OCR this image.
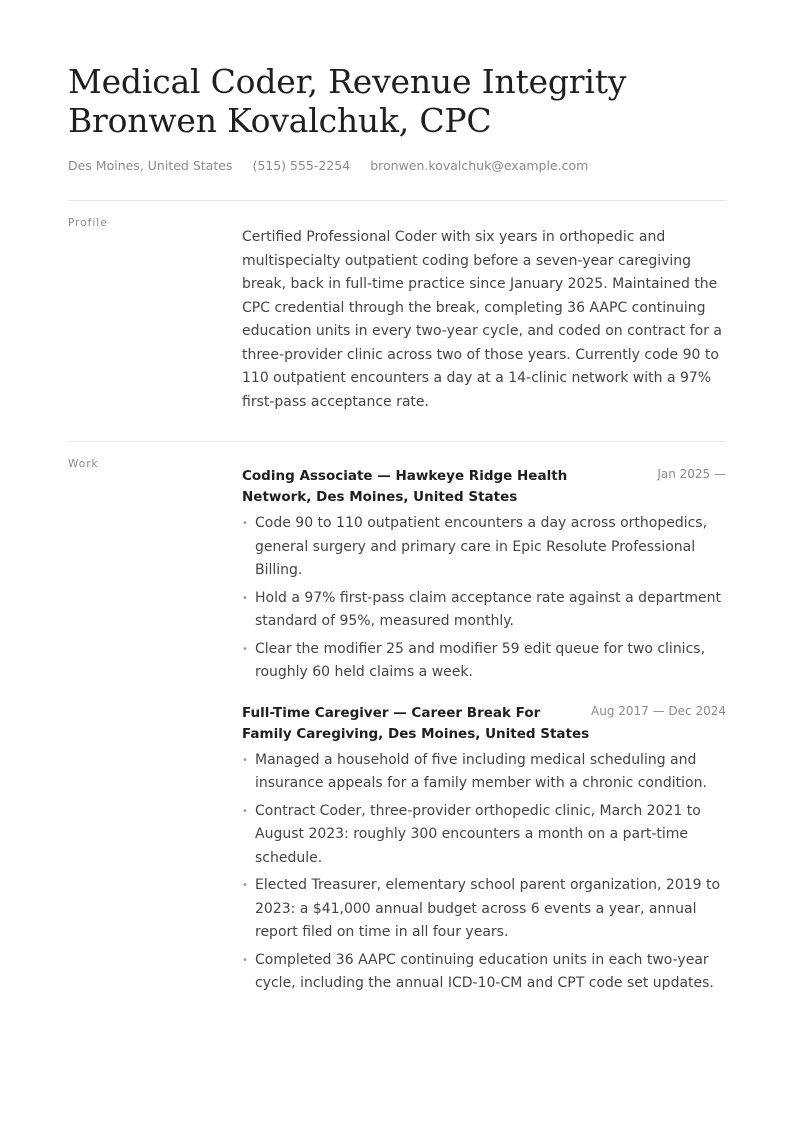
Medical Coder, Revenue Integrity
Bronwen Kovalchuk, CPC
Des Moines, United States (515) 555-2254 bronwen.kovalchuk@example.com
Profile

Certified Professional Coder with six years in orthopedic and multispecialty outpatient coding before a seven-year caregiving break, back in full-time practice since January 2025. Maintained the CPC credential through the break, completing 36 AAPC continuing education units in every two-year cycle, and coded on contract for a three-provider clinic across two of those years. Currently code 90 to 110 outpatient encounters a day at a 14-clinic network with a 97% first-pass acceptance rate.

Work
Coding Associate — Hawkeye Ridge Health Network, Des Moines, United States
Jan 2025 —
• Code 90 to 110 outpatient encounters a day across orthopedics, general surgery and primary care in Epic Resolute Professional Billing.
• Hold a 97% first-pass claim acceptance rate against a department standard of 95%, measured monthly.
• Clear the modifier 25 and modifier 59 edit queue for two clinics, roughly 60 held claims a week.
Full-Time Caregiver — Career Break For Family Caregiving, Des Moines, United States
Aug 2017 — Dec 2024
• Managed a household of five including medical scheduling and insurance appeals for a family member with a chronic condition.
• Contract Coder, three-provider orthopedic clinic, March 2021 to August 2023: roughly 300 encounters a month on a part-time schedule.
• Elected Treasurer, elementary school parent organization, 2019 to 2023: a $41,000 annual budget across 6 events a year, annual report filed on time in all four years.
• Completed 36 AAPC continuing education units in each two-year cycle, including the annual ICD-10-CM and CPT code set updates.
